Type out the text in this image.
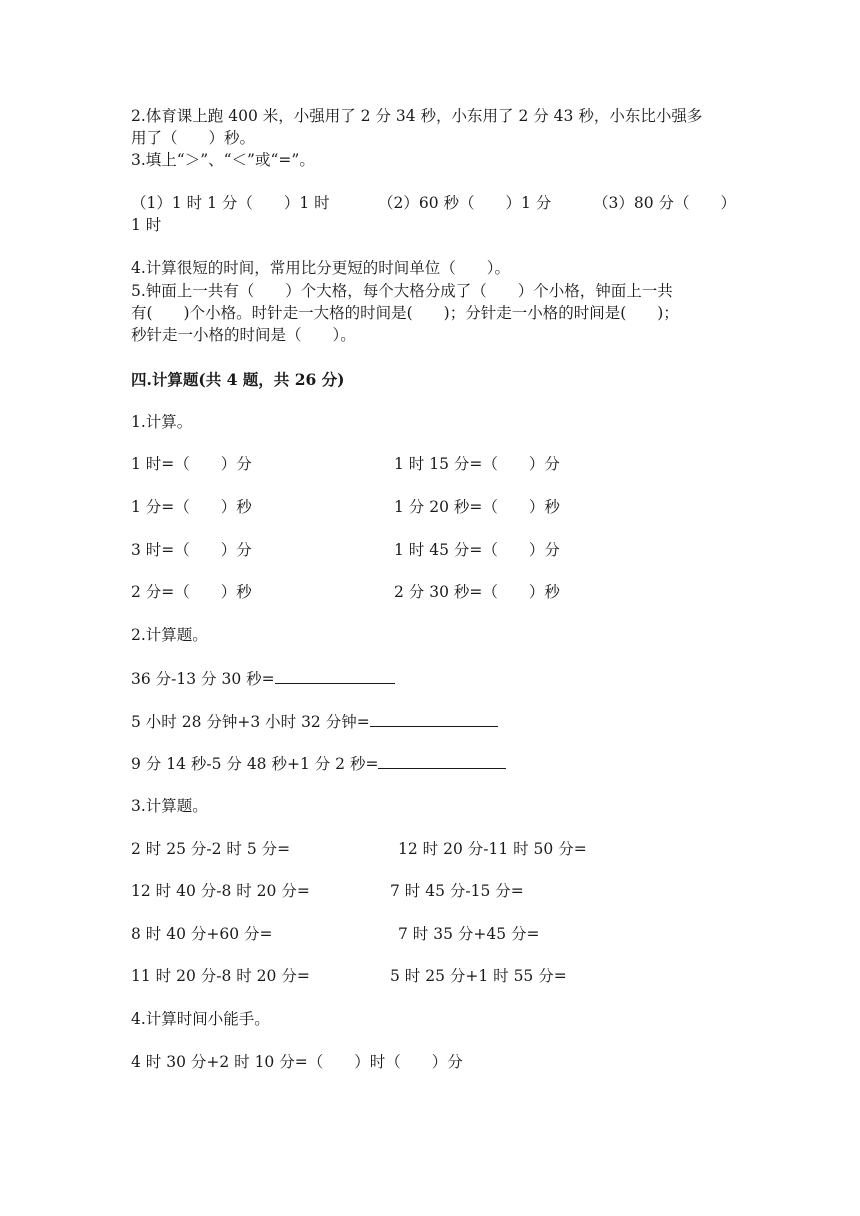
2.体育课上跑 400 米，小强用了 2 分 34 秒，小东用了 2 分 43 秒，小东比小强多
用了（　　）秒。
3.填上“＞”、“＜”或“=”。
（1）1 时 1 分（　　）1 时	（2）60 秒（　　）1 分	（3）80 分（　　）
1 时
4.计算很短的时间，常用比分更短的时间单位（　　）。
5.钟面上一共有（　　）个大格，每个大格分成了（　　）个小格，钟面上一共
有(　　)个小格。时针走一大格的时间是(　　)；分针走一小格的时间是(　　)；
秒针走一小格的时间是（　　）。
四.计算题(共 4 题，共 26 分)
1.计算。
1 时=（　　）分	1 时 15 分=（　　）分
1 分=（　　）秒	1 分 20 秒=（　　）秒
3 时=（　　）分	1 时 45 分=（　　）分
2 分=（　　）秒	2 分 30 秒=（　　）秒
2.计算题。
36 分-13 分 30 秒=
5 小时 28 分钟+3 小时 32 分钟=
9 分 14 秒-5 分 48 秒+1 分 2 秒=
3.计算题。
2 时 25 分-2 时 5 分=	12 时 20 分-11 时 50 分=
12 时 40 分-8 时 20 分=	7 时 45 分-15 分=
8 时 40 分+60 分=	7 时 35 分+45 分=
11 时 20 分-8 时 20 分=	5 时 25 分+1 时 55 分=
4.计算时间小能手。
4 时 30 分+2 时 10 分=（　　）时（　　）分
